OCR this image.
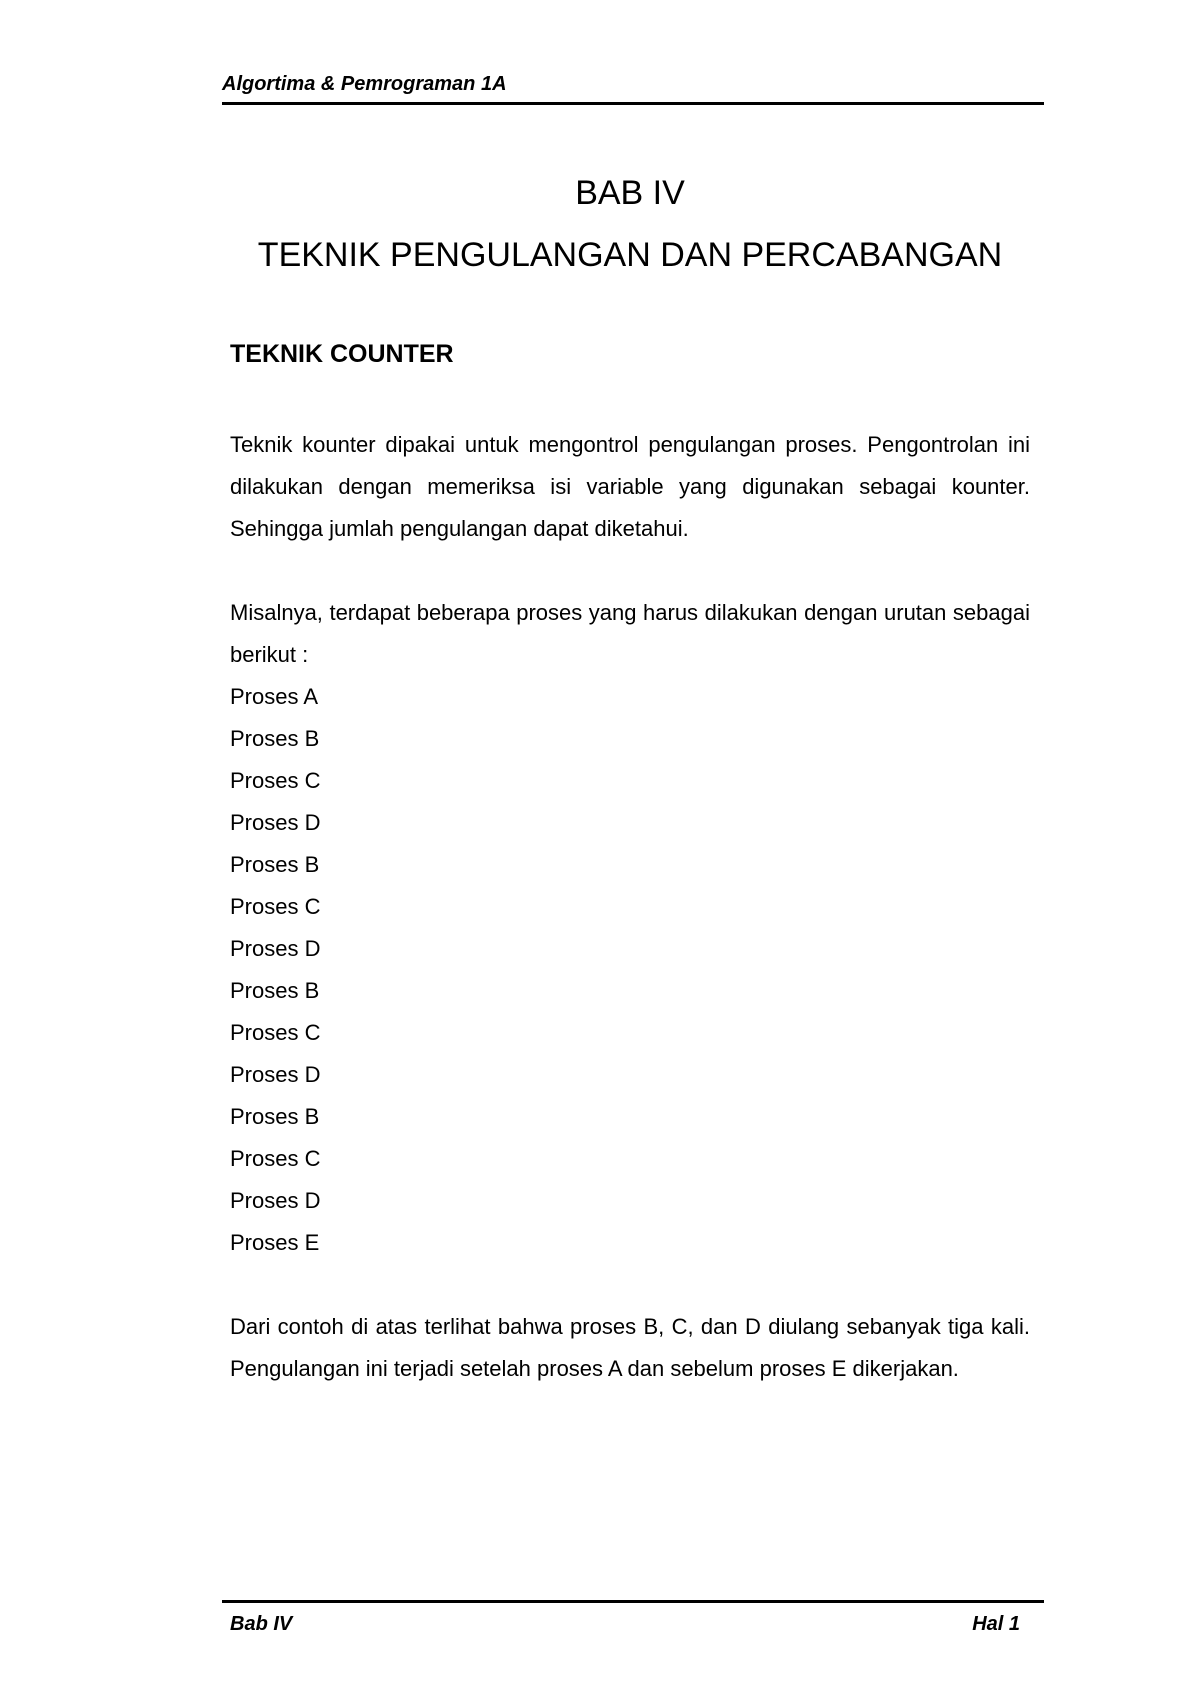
Algortima & Pemrograman 1A
BAB IV
TEKNIK PENGULANGAN DAN PERCABANGAN
TEKNIK COUNTER

Teknik kounter dipakai untuk mengontrol pengulangan proses. Pengontrolan ini dilakukan dengan memeriksa isi variable yang digunakan sebagai kounter. Sehingga jumlah pengulangan dapat diketahui.

Misalnya, terdapat beberapa proses yang harus dilakukan dengan urutan sebagai berikut :

Proses A
Proses B
Proses C
Proses D
Proses B
Proses C
Proses D
Proses B
Proses C
Proses D
Proses B
Proses C
Proses D
Proses E

Dari contoh di atas terlihat bahwa proses B, C, dan D diulang sebanyak tiga kali. Pengulangan ini terjadi setelah proses A dan sebelum proses E dikerjakan.

Bab IV	Hal 1
